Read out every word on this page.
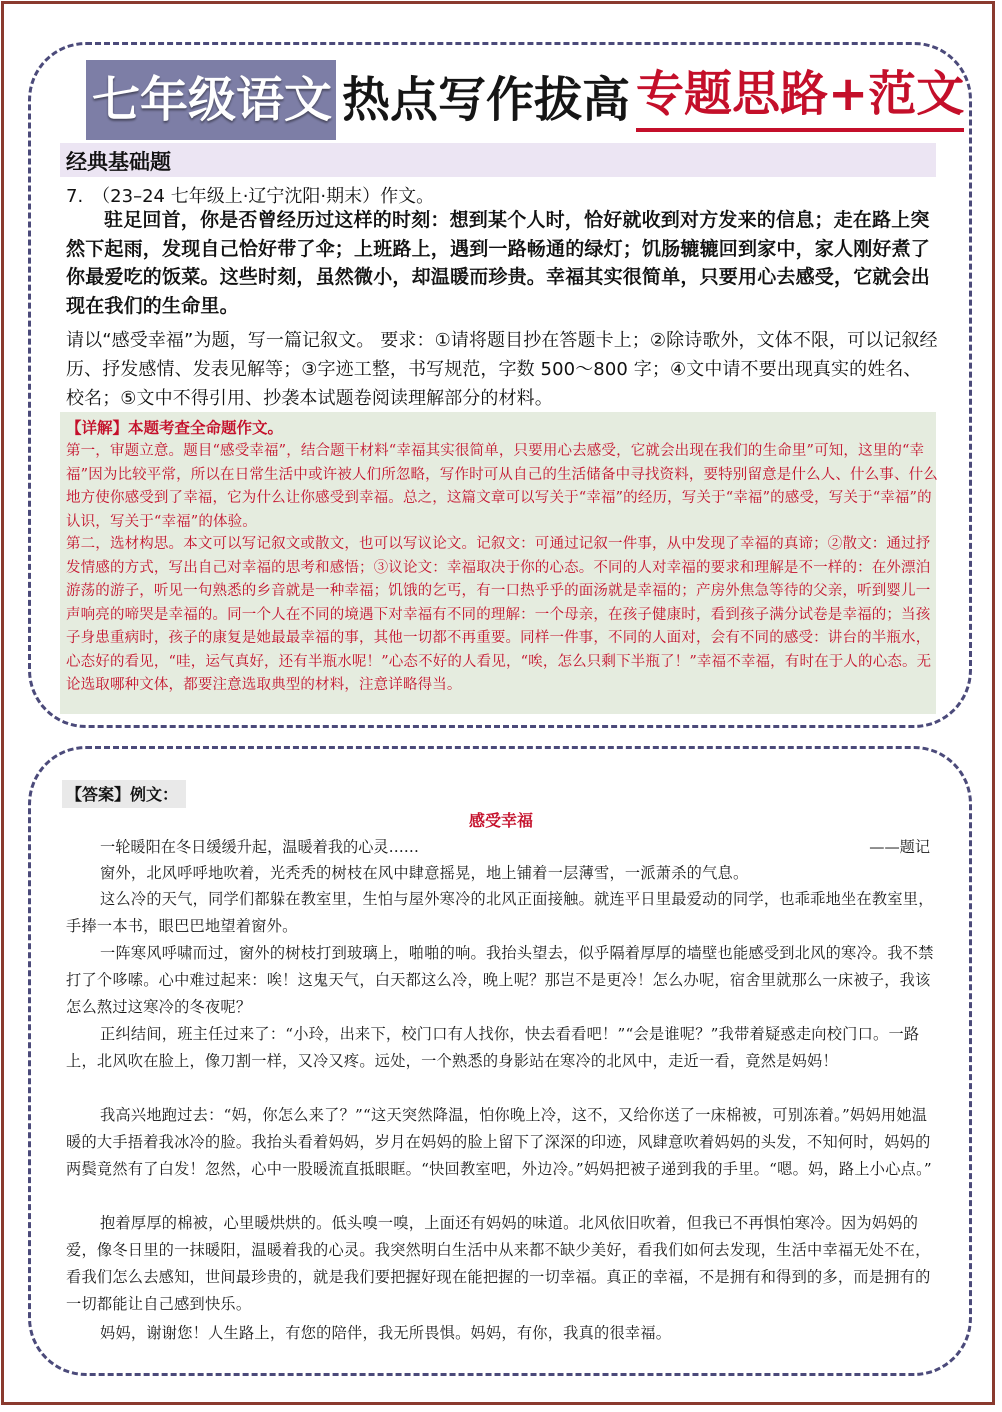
七年级语文 热点写作拔高 专题思路+范文
经典基础题
7.　（23–24 七年级上·辽宁沈阳·期末）作文。
驻足回首，你是否曾经历过这样的时刻：想到某个人时，恰好就收到对方发来的信息；走在路上突然下起雨，发现自己恰好带了伞；上班路上，遇到一路畅通的绿灯；饥肠辘辘回到家中，家人刚好煮了你最爱吃的饭菜。这些时刻，虽然微小，却温暖而珍贵。幸福其实很简单，只要用心去感受，它就会出现在我们的生命里。
请以“感受幸福”为题，写一篇记叙文。 要求：①请将题目抄在答题卡上；②除诗歌外，文体不限，可以记叙经历、抒发感情、发表见解等；③字迹工整，书写规范，字数 500～800 字；④文中请不要出现真实的姓名、校名；⑤文中不得引用、抄袭本试题卷阅读理解部分的材料。
【详解】本题考查全命题作文。
第一，审题立意。题目“感受幸福”，结合题干材料“幸福其实很简单，只要用心去感受，它就会出现在我们的生命里”可知，这里的“幸福”因为比较平常，所以在日常生活中或许被人们所忽略，写作时可从自己的生活储备中寻找资料，要特别留意是什么人、什么事、什么地方使你感受到了幸福，它为什么让你感受到幸福。总之，这篇文章可以写关于“幸福”的经历，写关于“幸福”的感受，写关于“幸福”的认识，写关于“幸福”的体验。
第二，选材构思。本文可以写记叙文或散文，也可以写议论文。记叙文：可通过记叙一件事，从中发现了幸福的真谛；②散文：通过抒发情感的方式，写出自己对幸福的思考和感悟；③议论文：幸福取决于你的心态。不同的人对幸福的要求和理解是不一样的：在外漂泊游荡的游子，听见一句熟悉的乡音就是一种幸福；饥饿的乞丐，有一口热乎乎的面汤就是幸福的；产房外焦急等待的父亲，听到婴儿一声响亮的啼哭是幸福的。同一个人在不同的境遇下对幸福有不同的理解：一个母亲，在孩子健康时，看到孩子满分试卷是幸福的；当孩子身患重病时，孩子的康复是她最最幸福的事，其他一切都不再重要。同样一件事，不同的人面对，会有不同的感受：讲台的半瓶水，心态好的看见，“哇，运气真好，还有半瓶水呢！”心态不好的人看见，“唉，怎么只剩下半瓶了！”幸福不幸福，有时在于人的心态。无论选取哪种文体，都要注意选取典型的材料，注意详略得当。
【答案】例文：
感受幸福
一轮暖阳在冬日缓缓升起，温暖着我的心灵……	——题记
窗外，北风呼呼地吹着，光秃秃的树枝在风中肆意摇晃，地上铺着一层薄雪，一派萧杀的气息。
这么冷的天气，同学们都躲在教室里，生怕与屋外寒冷的北风正面接触。就连平日里最爱动的同学，也乖乖地坐在教室里，手捧一本书，眼巴巴地望着窗外。
一阵寒风呼啸而过，窗外的树枝打到玻璃上，啪啪的响。我抬头望去，似乎隔着厚厚的墙壁也能感受到北风的寒冷。我不禁打了个哆嗦。心中难过起来：唉！这鬼天气，白天都这么冷，晚上呢？那岂不是更冷！怎么办呢，宿舍里就那么一床被子，我该怎么熬过这寒冷的冬夜呢？
正纠结间，班主任过来了：“小玲，出来下，校门口有人找你，快去看看吧！”“会是谁呢？”我带着疑惑走向校门口。一路上，北风吹在脸上，像刀割一样，又冷又疼。远处，一个熟悉的身影站在寒冷的北风中，走近一看，竟然是妈妈！
我高兴地跑过去：“妈，你怎么来了？”“这天突然降温，怕你晚上冷，这不，又给你送了一床棉被，可别冻着。”妈妈用她温暖的大手捂着我冰冷的脸。我抬头看着妈妈，岁月在妈妈的脸上留下了深深的印迹，风肆意吹着妈妈的头发，不知何时，妈妈的两鬓竟然有了白发！忽然，心中一股暖流直抵眼眶。“快回教室吧，外边冷。”妈妈把被子递到我的手里。“嗯。妈，路上小心点。”
抱着厚厚的棉被，心里暖烘烘的。低头嗅一嗅，上面还有妈妈的味道。北风依旧吹着，但我已不再惧怕寒冷。因为妈妈的爱，像冬日里的一抹暖阳，温暖着我的心灵。我突然明白生活中从来都不缺少美好，看我们如何去发现，生活中幸福无处不在，看我们怎么去感知，世间最珍贵的，就是我们要把握好现在能把握的一切幸福。真正的幸福，不是拥有和得到的多，而是拥有的一切都能让自己感到快乐。
妈妈，谢谢您！人生路上，有您的陪伴，我无所畏惧。妈妈，有你，我真的很幸福。
